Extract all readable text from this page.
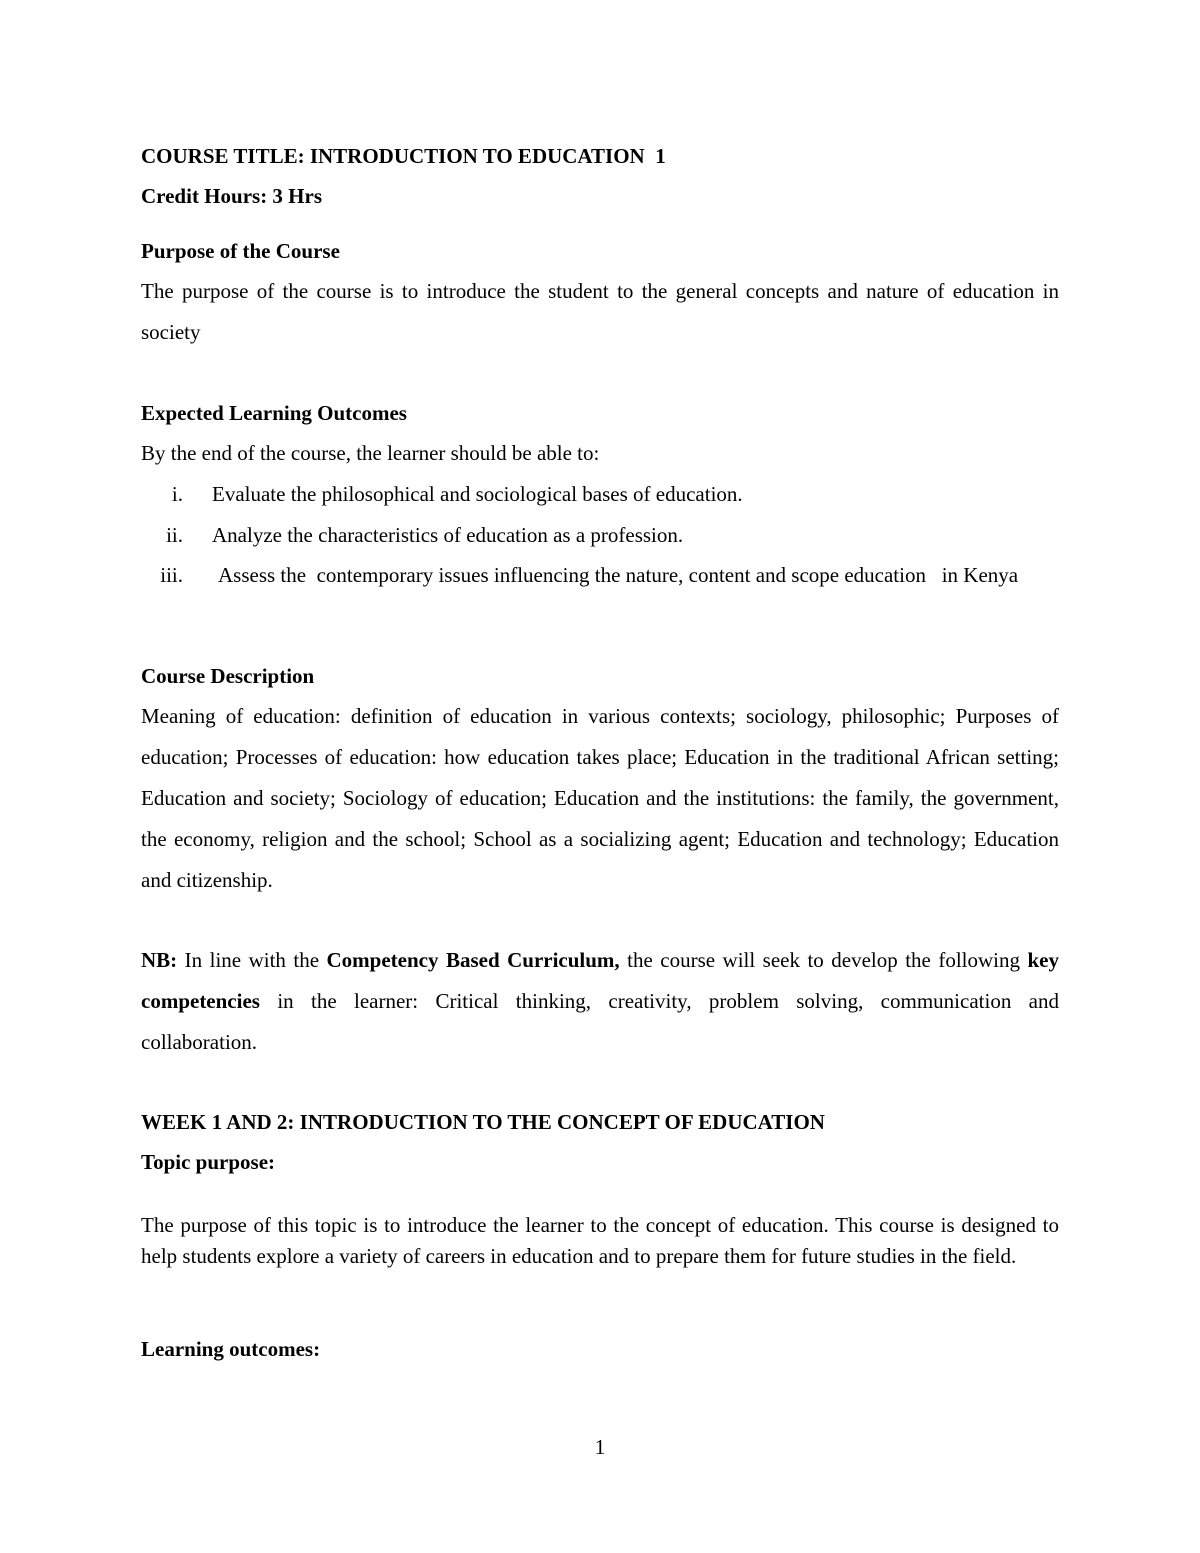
COURSE TITLE: INTRODUCTION TO EDUCATION  1
Credit Hours: 3 Hrs
Purpose of the Course
The purpose of the course is to introduce the student to the general concepts and nature of education in society
Expected Learning Outcomes
By the end of the course, the learner should be able to:
i. Evaluate the philosophical and sociological bases of education.
ii. Analyze the characteristics of education as a profession.
iii. Assess the  contemporary issues influencing the nature, content and scope education   in Kenya
Course Description
Meaning of education: definition of education in various contexts; sociology, philosophic; Purposes of education; Processes of education: how education takes place; Education in the traditional African setting; Education and society; Sociology of education; Education and the institutions: the family, the government, the economy, religion and the school; School as a socializing agent; Education and technology; Education and citizenship.
NB: In line with the Competency Based Curriculum, the course will seek to develop the following key competencies in the learner: Critical thinking, creativity, problem solving, communication and collaboration.
WEEK 1 AND 2: INTRODUCTION TO THE CONCEPT OF EDUCATION
Topic purpose:
The purpose of this topic is to introduce the learner to the concept of education. This course is designed to help students explore a variety of careers in education and to prepare them for future studies in the field.
Learning outcomes:
1
